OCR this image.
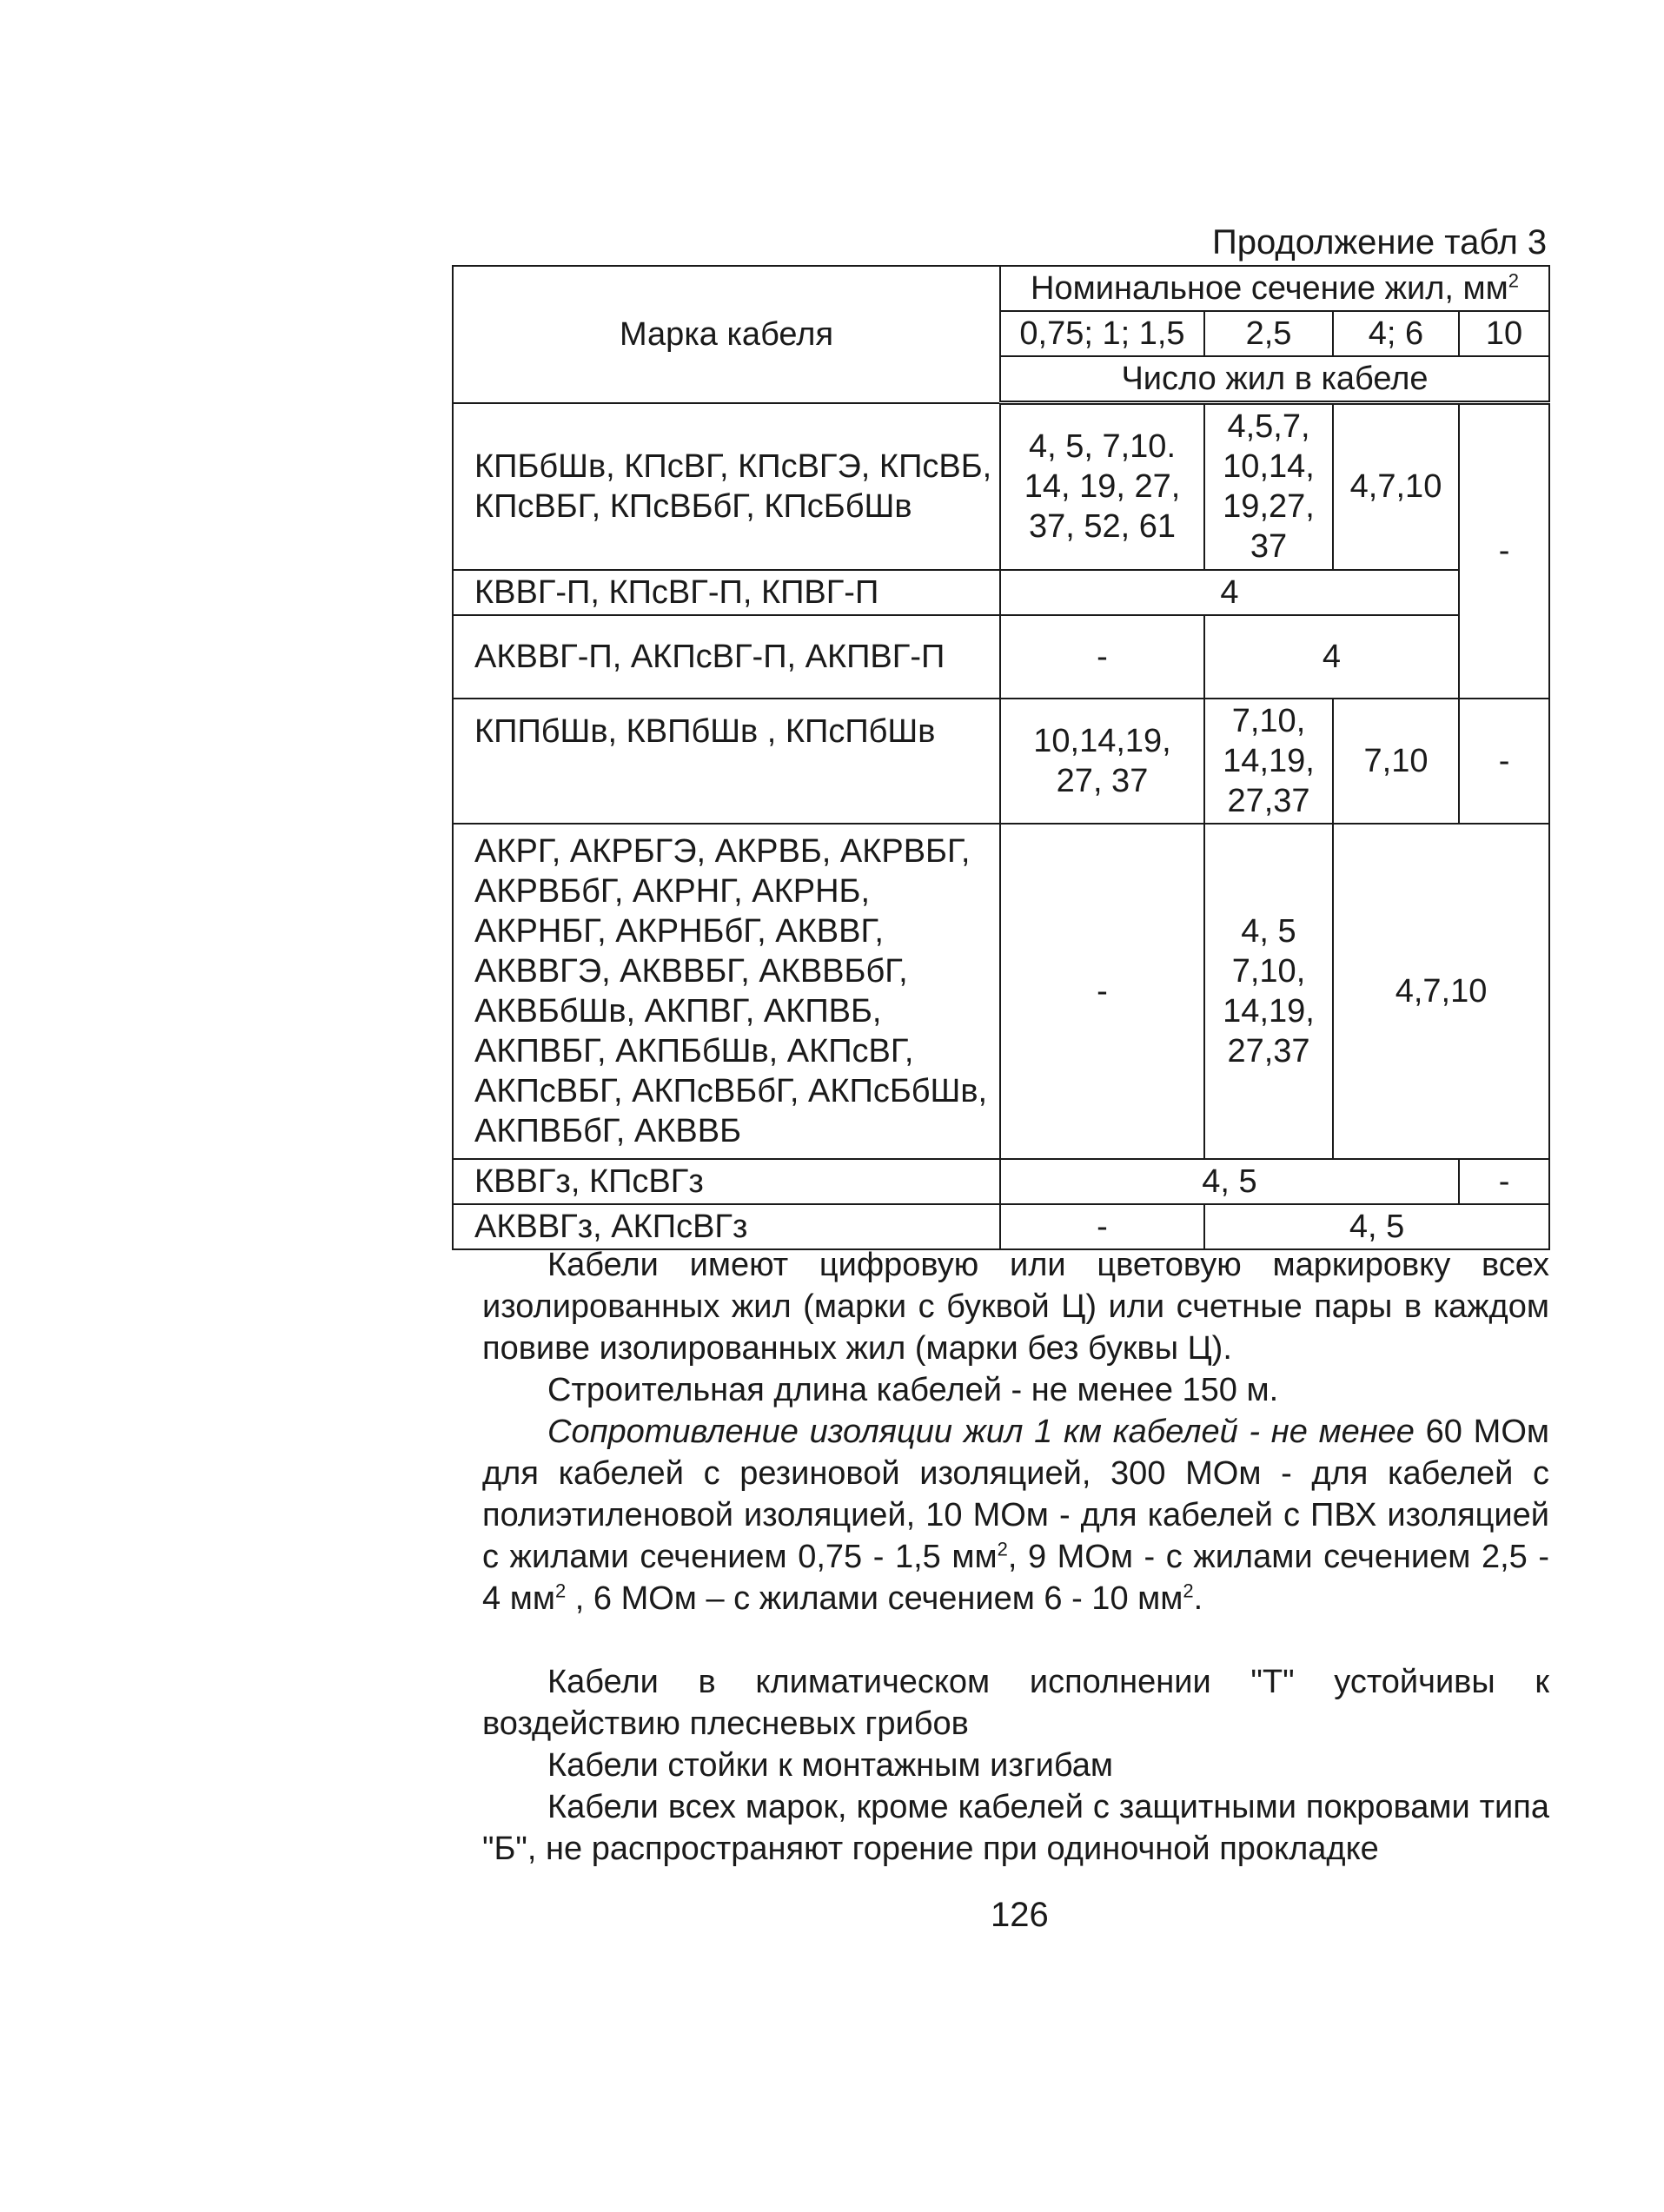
Продолжение табл 3
Марка кабеля	Номинальное сечение жил, $мм^2$
	0,75; 1; 1,5	2,5	4; 6	10
	Число жил в кабеле			
КПБбШв, КПсВГ, КПсВГЭ, КПсВБ, КПсВБГ, КПсВБбГ, КПсБбШв	4, 5, 7,10. 14, 19, 27, 37, 52, 61	4,5,7, 10,14, 19,27, 37	4,7,10	-
КВВГ-П, КПсВГ-П, КПВГ-П	4			
АКВВГ-П, АКПсВГ-П, АКПВГ-П	-	4		
КППбШв, КВПбШв , КПсПбШв	10,14,19, 27, 37	7,10, 14,19, 27,37	7,10	-
АКРГ, АКРБГЭ, АКРВБ, АКРВБГ, АКРВБбГ, АКРНГ, АКРНБ, АКРНБГ, АКРНБбГ, АКВВГ, АКВВГЭ, АКВВБГ, АКВВБбГ, АКВБбШв, АКПВГ, АКПВБ, АКПВБГ, АКПБбШв, АКПсВГ, АКПсВБГ, АКПсВБбГ, АКПсБбШв, АКПВБбГ, АКВВБ	-	4, 5 7,10, 14,19, 27,37	4,7,10	
КВВГз, КПсВГз	4, 5			-
АКВВГз, АКПсВГз	-	4, 5		
Кабели имеют цифровую или цветовую маркировку всех изолированных жил (марки с буквой Ц) или счетные пары в каждом повиве изолированных жил (марки без буквы Ц).
Строительная длина кабелей - не менее 150 м.
Сопротивление изоляции жил 1 км кабелей - не менее 60 МОм для кабелей с резиновой изоляцией, 300 МОм - для кабелей с полиэтиленовой изоляцией, 10 МОм - для кабелей с ПВХ изоляцией с жилами сечением 0,75 - 1,5 $мм^2$, 9 МОм - с жилами сечением 2,5 - 4 $мм^2$ , 6 МОм – с жилами сечением 6 - 10 $мм^2$.
Кабели в климатическом исполнении "Т" устойчивы к воздействию плесневых грибов
Кабели стойки к монтажным изгибам
Кабели всех марок, кроме кабелей с защитными покровами типа "Б", не распространяют горение при одиночной прокладке
126
